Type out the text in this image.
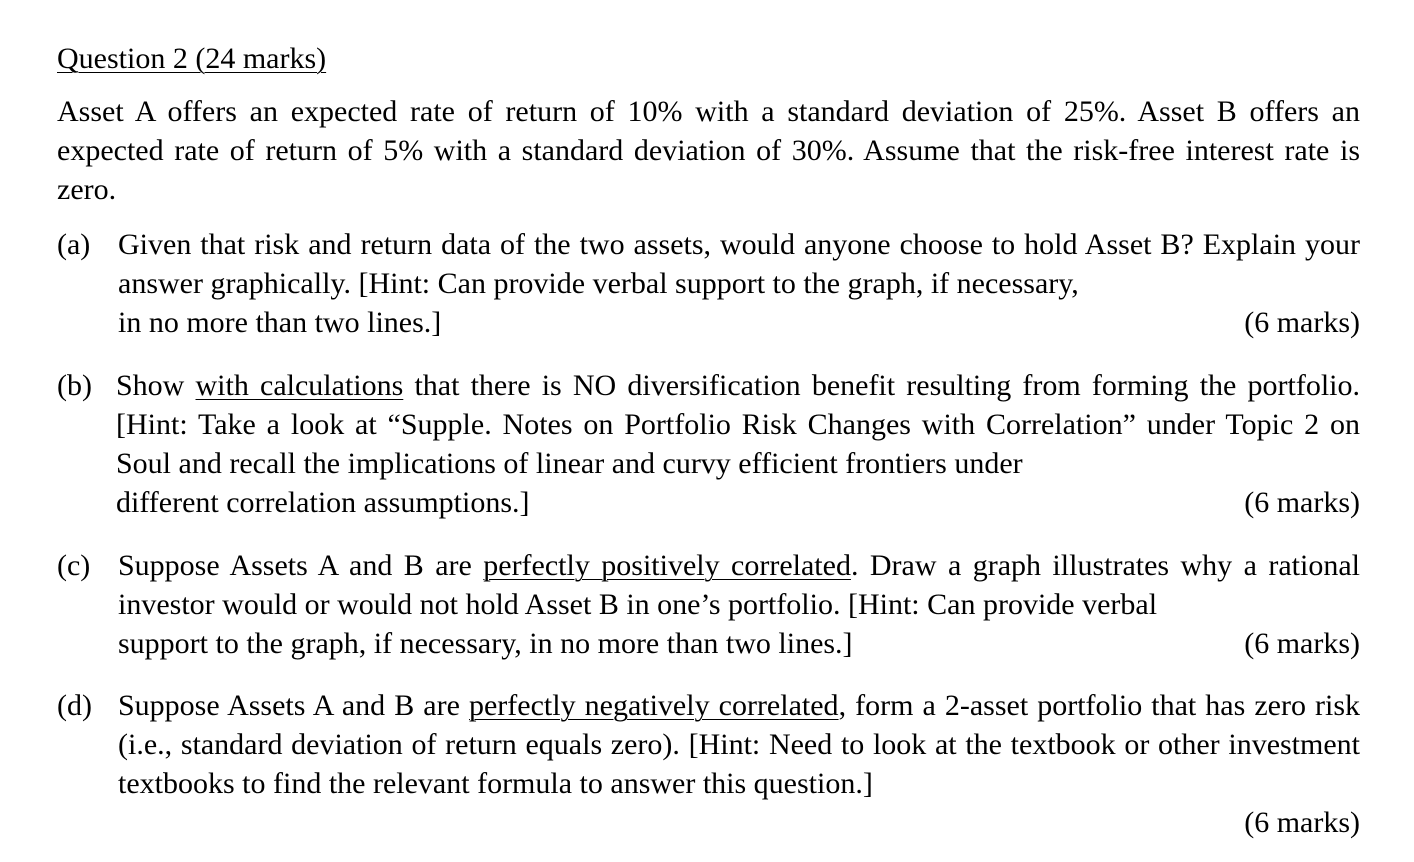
Question 2 (24 marks)
Asset A offers an expected rate of return of 10% with a standard deviation of 25%. Asset B offers an expected rate of return of 5% with a standard deviation of 30%. Assume that the risk-free interest rate is zero.
(a) Given that risk and return data of the two assets, would anyone choose to hold Asset B? Explain your answer graphically. [Hint: Can provide verbal support to the graph, if necessary,
in no more than two lines.]	(6 marks)
(b) Show with calculations that there is NO diversification benefit resulting from forming the portfolio. [Hint: Take a look at “Supple. Notes on Portfolio Risk Changes with Correlation” under Topic 2 on Soul and recall the implications of linear and curvy efficient frontiers under
different correlation assumptions.]	(6 marks)
(c) Suppose Assets A and B are perfectly positively correlated. Draw a graph illustrates why a rational investor would or would not hold Asset B in one’s portfolio. [Hint: Can provide verbal
support to the graph, if necessary, in no more than two lines.]	(6 marks)
(d) Suppose Assets A and B are perfectly negatively correlated, form a 2-asset portfolio that has zero risk (i.e., standard deviation of return equals zero). [Hint: Need to look at the textbook or other investment textbooks to find the relevant formula to answer this question.]
(6 marks)
